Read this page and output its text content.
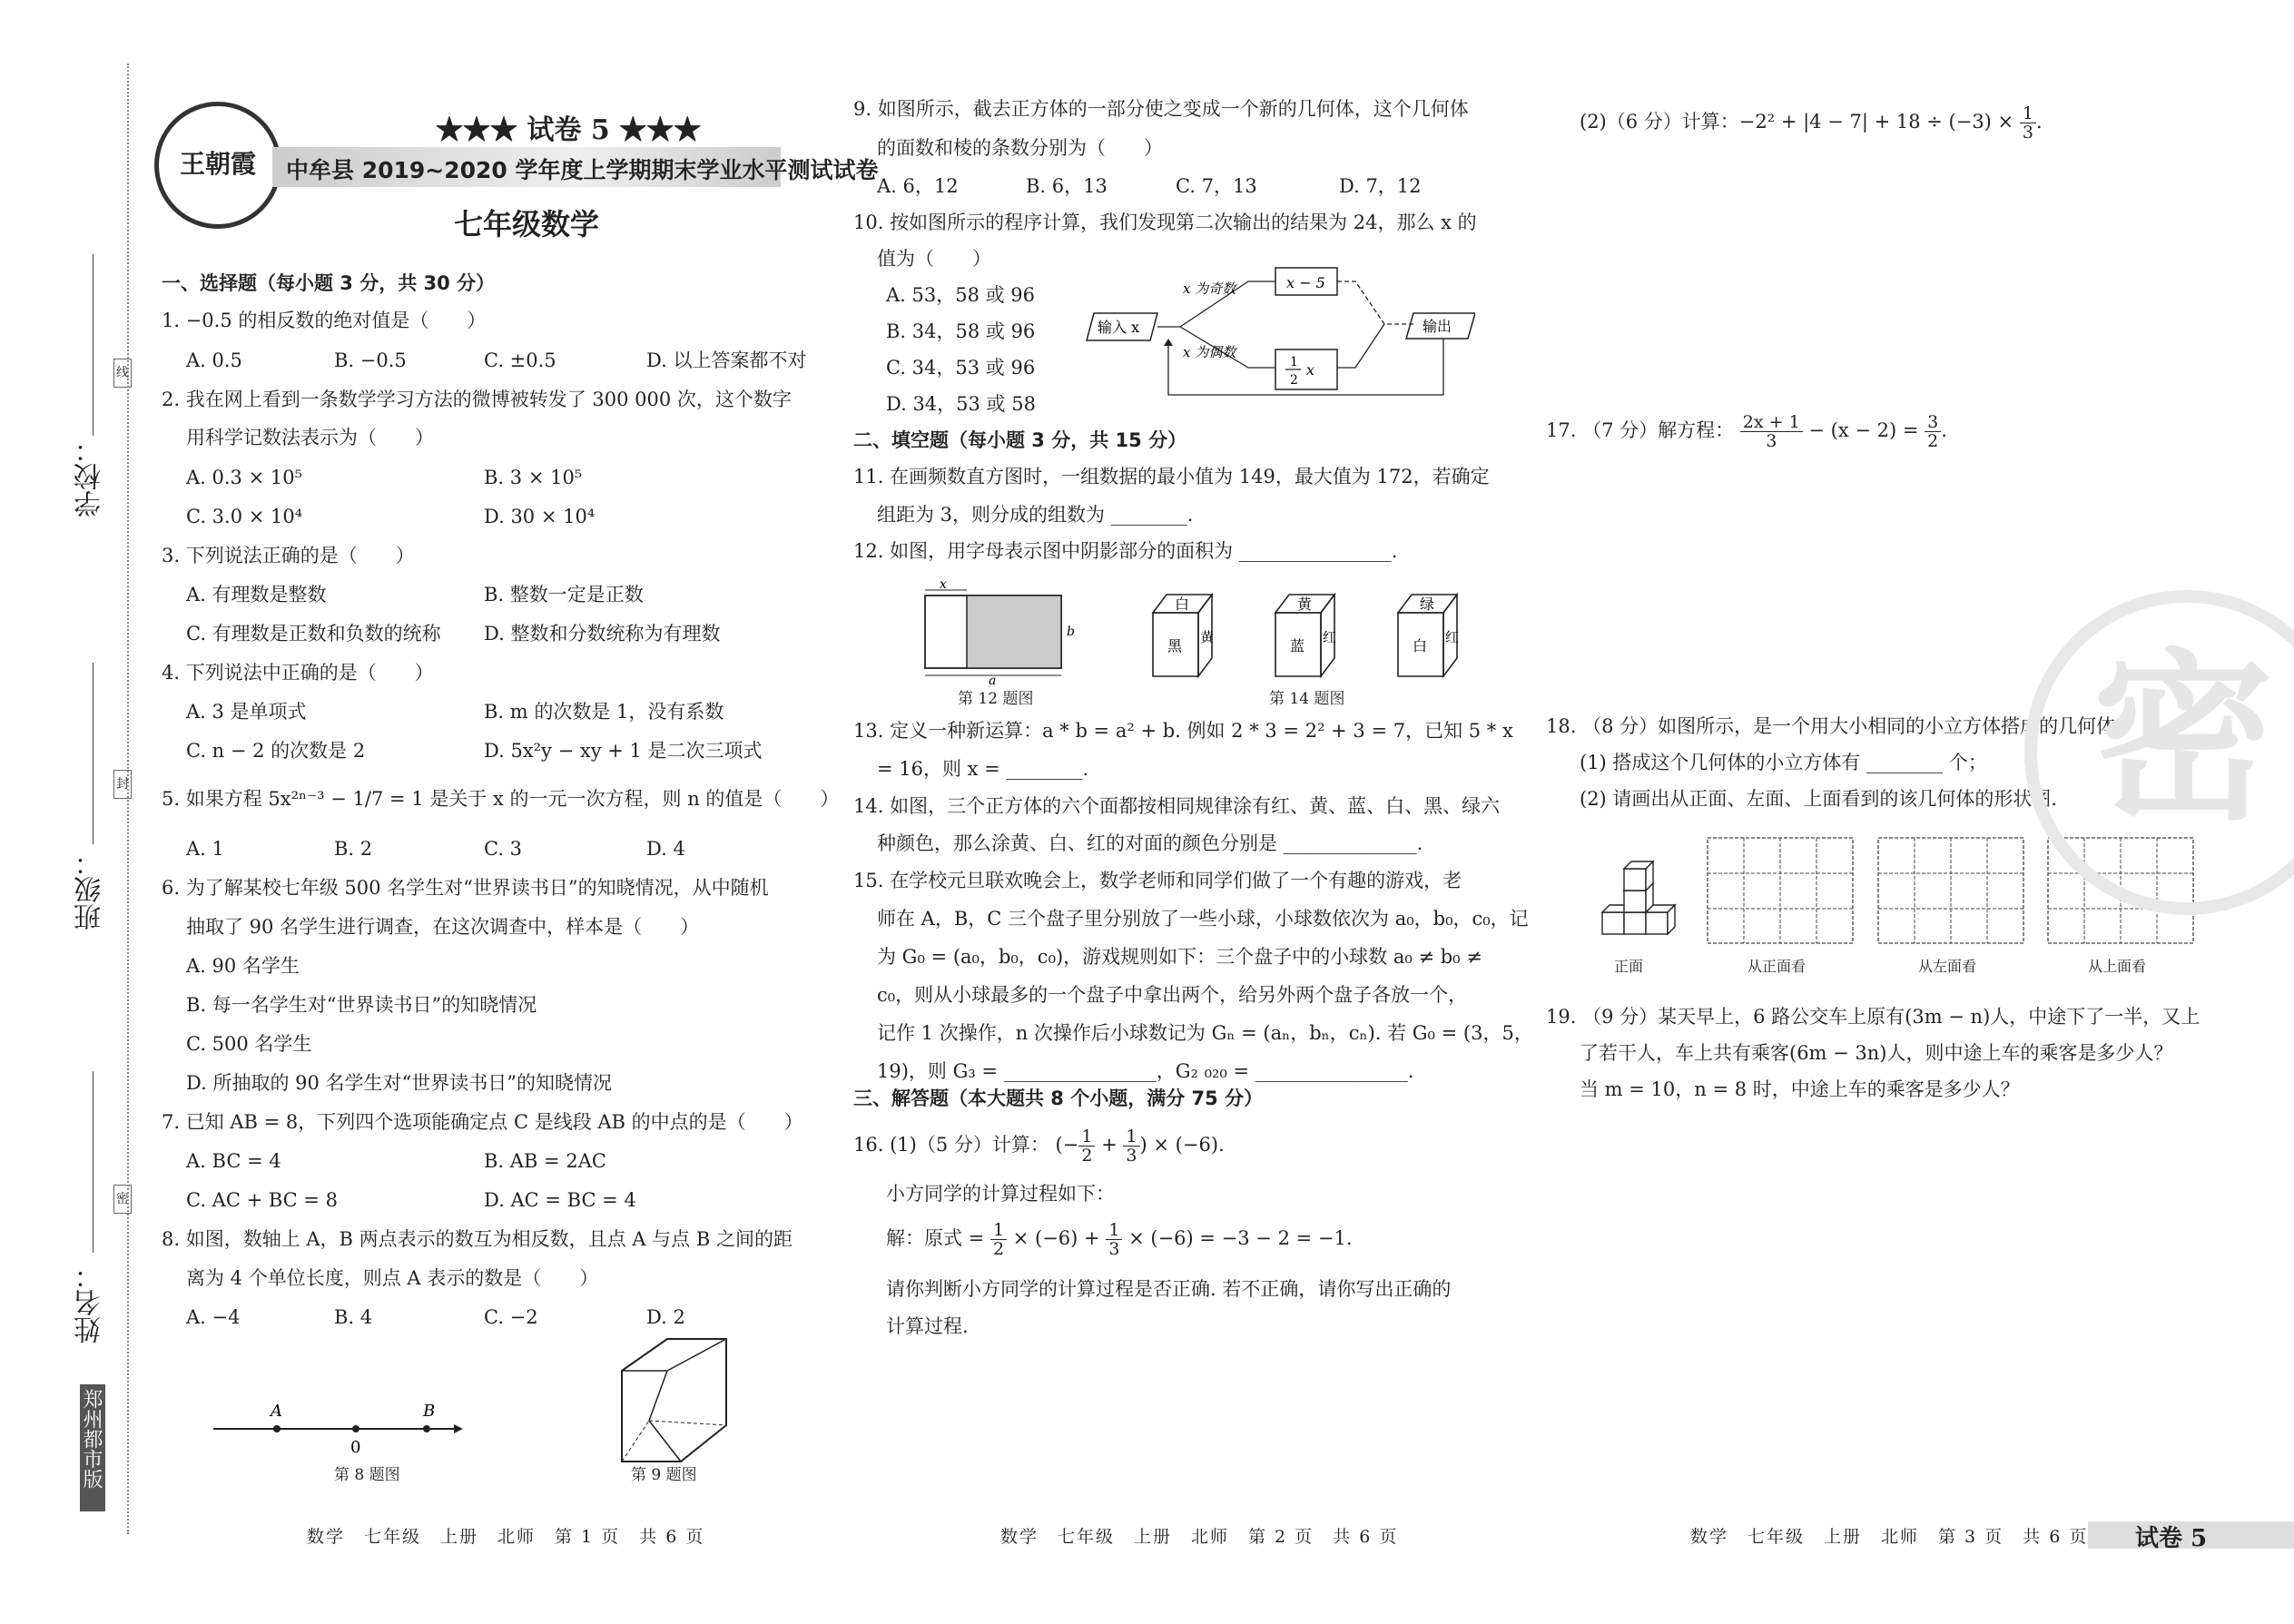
学校：
班级：
姓名：
线
封
密
郑州都市版
王朝霞
★★★ 试卷 5 ★★★
中牟县 2019~2020 学年度上学期期末学业水平测试试卷
七年级数学
一、选择题（每小题 3 分，共 30 分）
1. −0.5 的相反数的绝对值是（　　）
A. 0.5	B. −0.5	C. ±0.5	D. 以上答案都不对
2. 我在网上看到一条数学学习方法的微博被转发了 300 000 次，这个数字
用科学记数法表示为（　　）
A. 0.3 × 10⁵	B. 3 × 10⁵
C. 3.0 × 10⁴	D. 30 × 10⁴
3. 下列说法正确的是（　　）
A. 有理数是整数	B. 整数一定是正数
C. 有理数是正数和负数的统称 D. 整数和分数统称为有理数
4. 下列说法中正确的是（　　）
A. 3 是单项式	B. m 的次数是 1，没有系数
C. n − 2 的次数是 2	D. 5x²y − xy + 1 是二次三项式
5. 如果方程 5x²ⁿ⁻³ − 1/7 = 1 是关于 x 的一元一次方程，则 n 的值是（　　）
A. 1	B. 2	C. 3	D. 4
6. 为了解某校七年级 500 名学生对“世界读书日”的知晓情况，从中随机
抽取了 90 名学生进行调查，在这次调查中，样本是（　　）
A. 90 名学生
B. 每一名学生对“世界读书日”的知晓情况
C. 500 名学生
D. 所抽取的 90 名学生对“世界读书日”的知晓情况
7. 已知 AB = 8，下列四个选项能确定点 C 是线段 AB 的中点的是（　　）
A. BC = 4	B. AB = 2AC
C. AC + BC = 8	D. AC = BC = 4
8. 如图，数轴上 A，B 两点表示的数互为相反数，且点 A 与点 B 之间的距
离为 4 个单位长度，则点 A 表示的数是（　　）
A. −4	B. 4	C. −2	D. 2
A	B
0
第 8 题图	第 9 题图
9. 如图所示，截去正方体的一部分使之变成一个新的几何体，这个几何体
的面数和棱的条数分别为（　　）
A. 6，12	B. 6，13	C. 7，13	D. 7，12
10. 按如图所示的程序计算，我们发现第二次输出的结果为 24，那么 x 的
值为（　　）
A. 53，58 或 96
B. 34，58 或 96
C. 34，53 或 96
D. 34，53 或 58
输入 x
x 为奇数
x 为偶数
x − 5
1
2
x
输出
二、填空题（每小题 3 分，共 15 分）
11. 在画频数直方图时，一组数据的最小值为 149，最大值为 172，若确定
组距为 3，则分成的组数为 ________.
12. 如图，用字母表示图中阴影部分的面积为 ________________.
x
b
a
第 12 题图
白
黄
黑
黄
蓝 红
绿
白 红
第 14 题图
13. 定义一种新运算：a * b = a² + b. 例如 2 * 3 = 2² + 3 = 7，已知 5 * x
= 16，则 x = ________.
14. 如图，三个正方体的六个面都按相同规律涂有红、黄、蓝、白、黑、绿六
种颜色，那么涂黄、白、红的对面的颜色分别是 ______________.
15. 在学校元旦联欢晚会上，数学老师和同学们做了一个有趣的游戏，老
师在 A，B，C 三个盘子里分别放了一些小球，小球数依次为 a₀，b₀，c₀，记
为 G₀ = (a₀，b₀，c₀)，游戏规则如下：三个盘子中的小球数 a₀ ≠ b₀ ≠
c₀，则从小球最多的一个盘子中拿出两个，给另外两个盘子各放一个，
记作 1 次操作，n 次操作后小球数记为 Gₙ = (aₙ，bₙ，cₙ). 若 G₀ = (3，5，
19)，则 G₃ = ________________，G₂ ₀₂₀ = ________________.
三、解答题（本大题共 8 个小题，满分 75 分）
16. (1)（5 分）计算： (− $\frac{1}{2} + \frac{1}{3}$ ) × (−6).
小方同学的计算过程如下：
解：原式 = $\frac{1}{2} \times (-6) + \frac{1}{3} \times (-6) = -3 - 2 = -1$.
请你判断小方同学的计算过程是否正确. 若不正确，请你写出正确的
计算过程.
(2)（6 分）计算：$-2^2 + |4 - 7| + 18 \div (-3) \times \frac{1}{3}$ .
17. （7 分）解方程： $\frac{2x + 1}{3} - (x - 2) = \frac{3}{2}$ .
18. （8 分）如图所示，是一个用大小相同的小立方体搭成的几何体.
(1) 搭成这个几何体的小立方体有 ________ 个；
(2) 请画出从正面、左面、上面看到的该几何体的形状图.
正面	从正面看	从左面看	从上面看
19. （9 分）某天早上，6 路公交车上原有(3m − n)人，中途下了一半，又上
了若干人，车上共有乘客(6m − 3n)人，则中途上车的乘客是多少人？
当 m = 10，n = 8 时，中途上车的乘客是多少人？
密
数学　七年级　上册　北师　第 1 页　共 6 页	数学　七年级　上册　北师　第 2 页　共 6 页	数学　七年级　上册　北师　第 3 页　共 6 页 试卷 5
